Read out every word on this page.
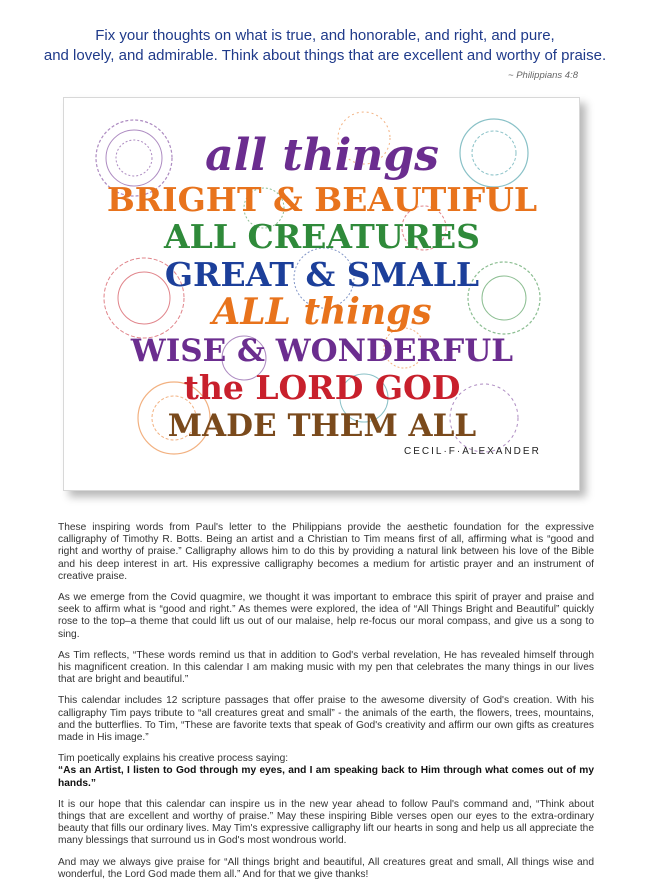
Fix your thoughts on what is true, and honorable, and right, and pure,
and lovely, and admirable. Think about things that are excellent and worthy of praise.
~ Philippians 4:8
all things
BRIGHT & BEAUTIFUL
ALL CREATURES
GREAT & SMALL
ALL things
WISE & WONDERFUL
the LORD GOD
MADE THEM ALL
CECIL·F·ALEXANDER

These inspiring words from Paul's letter to the Philippians provide the aesthetic foundation for the expressive calligraphy of Timothy R. Botts. Being an artist and a Christian to Tim means first of all, affirming what is “good and right and worthy of praise.” Calligraphy allows him to do this by providing a natural link between his love of the Bible and his deep interest in art. His expressive calligraphy becomes a medium for artistic prayer and an instrument of creative praise.

As we emerge from the Covid quagmire, we thought it was important to embrace this spirit of prayer and praise and seek to affirm what is “good and right.” As themes were explored, the idea of “All Things Bright and Beautiful” quickly rose to the top–a theme that could lift us out of our malaise, help re-focus our moral compass, and give us a song to sing.

As Tim reflects, “These words remind us that in addition to God's verbal revelation, He has revealed himself through his magnificent creation. In this calendar I am making music with my pen that celebrates the many things in our lives that are bright and beautiful.”

This calendar includes 12 scripture passages that offer praise to the awesome diversity of God's creation. With his calligraphy Tim pays tribute to “all creatures great and small” - the animals of the earth, the flowers, trees, mountains, and the butterflies. To Tim, “These are favorite texts that speak of God's creativity and affirm our own gifts as creatures made in His image.”

Tim poetically explains his creative process saying:
“As an Artist, I listen to God through my eyes, and I am speaking back to Him through what comes out of my hands.”

It is our hope that this calendar can inspire us in the new year ahead to follow Paul's command and, “Think about things that are excellent and worthy of praise.” May these inspiring Bible verses open our eyes to the extra-ordinary beauty that fills our ordinary lives. May Tim's expressive calligraphy lift our hearts in song and help us all appreciate the many blessings that surround us in God's most wondrous world.

And may we always give praise for “All things bright and beautiful, All creatures great and small, All things wise and wonderful, the Lord God made them all.” And for that we give thanks!
